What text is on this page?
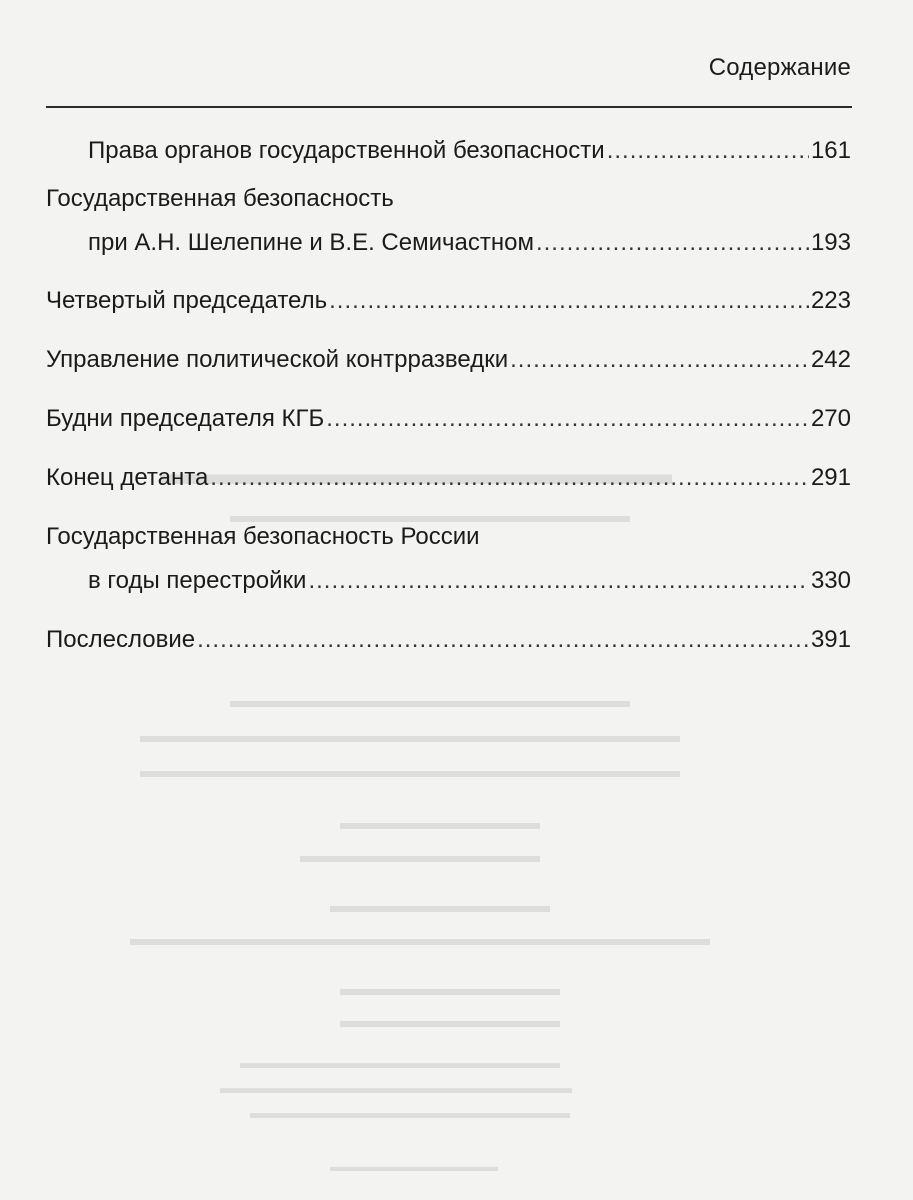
▬▬▬▬▬▬▬▬▬▬▬▬▬▬▬▬
▬▬▬▬▬▬▬▬▬▬▬▬▬▬▬▬▬▬▬▬
▬▬▬▬▬▬▬▬▬▬▬▬▬▬▬▬▬▬▬▬
▬▬▬▬▬▬▬▬▬▬▬▬▬▬▬▬▬▬▬▬▬▬▬▬▬▬▬
▬▬▬▬▬▬▬▬▬▬▬▬▬▬▬▬▬▬▬▬▬▬▬▬▬▬▬
▬▬▬▬▬▬▬▬▬▬
▬▬▬▬▬▬▬▬▬▬▬▬
▬▬▬▬▬▬▬▬▬▬▬
▬▬▬▬▬▬▬▬▬▬▬▬▬▬▬▬▬▬▬▬▬▬▬▬▬▬▬▬▬
▬▬▬▬▬▬▬▬▬▬▬
▬▬▬▬▬▬▬▬▬▬▬
▬▬▬▬▬▬▬▬▬▬▬▬▬▬▬▬▬▬▬▬
▬▬▬▬▬▬▬▬▬▬▬▬▬▬▬▬▬▬▬▬▬▬
▬▬▬▬▬▬▬▬▬▬▬▬▬▬▬▬▬▬▬▬
▬▬▬▬▬▬▬▬▬▬▬▬
Содержание
Права органов государственной безопасности .....	161
Государственная безопасность
при А.Н. Шелепине и В.Е. Семичастном .....	193
Четвертый председатель .....	223
Управление политической контрразведки .....	242
Будни председателя КГБ .....	270
Конец детанта .....	291
Государственная безопасность России
в годы перестройки .....	330
Послесловие .....	391
